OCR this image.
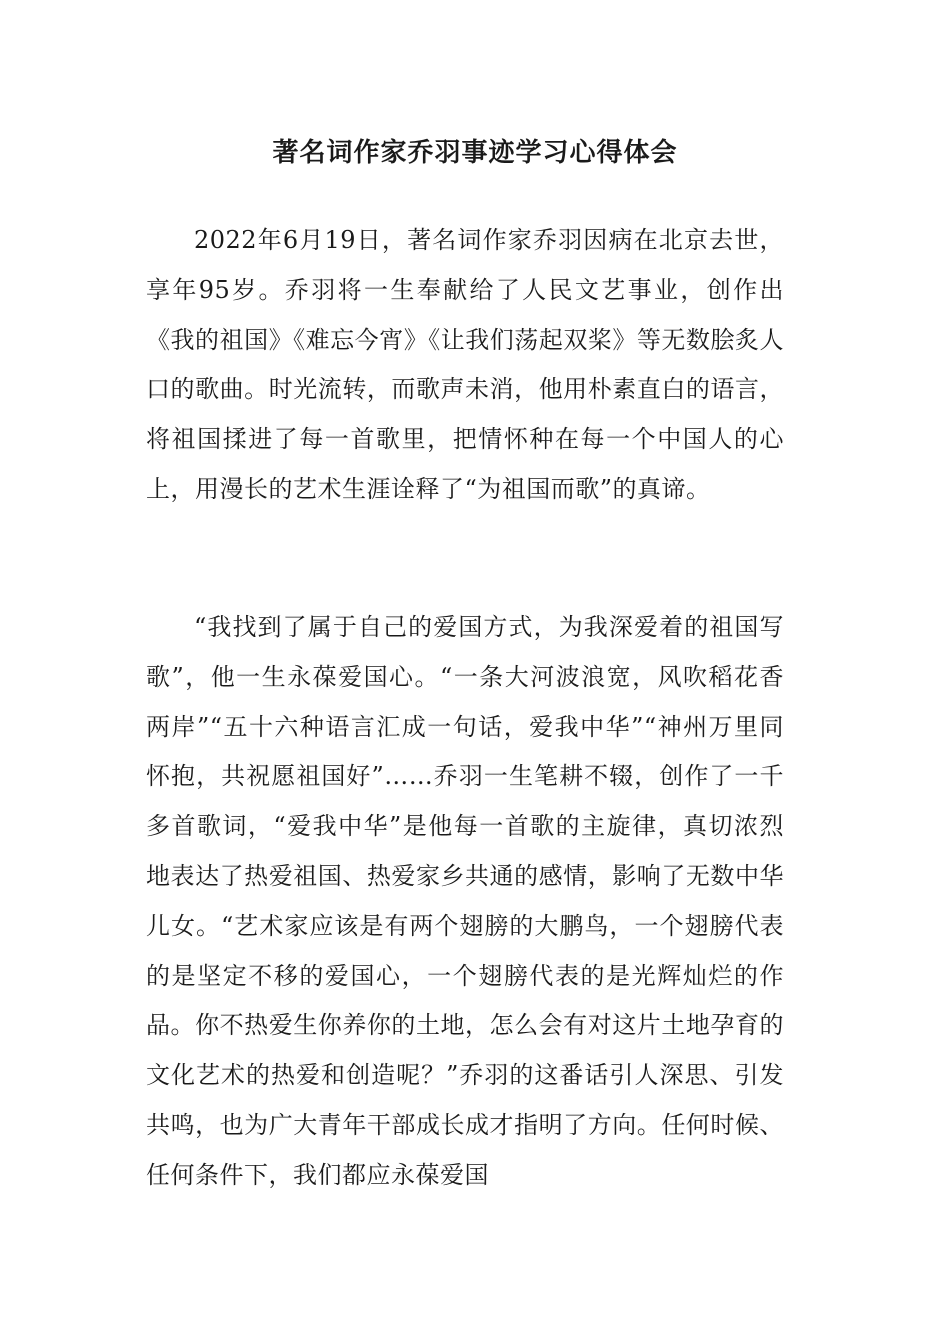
著名词作家乔羽事迹学习心得体会

2022年6月19日，著名词作家乔羽因病在北京去世，享年95岁。乔羽将一生奉献给了人民文艺事业，创作出《我的祖国》《难忘今宵》《让我们荡起双桨》等无数脍炙人口的歌曲。时光流转，而歌声未消，他用朴素直白的语言，将祖国揉进了每一首歌里，把情怀种在每一个中国人的心上，用漫长的艺术生涯诠释了“为祖国而歌”的真谛。

“我找到了属于自己的爱国方式，为我深爱着的祖国写歌”，他一生永葆爱国心。“一条大河波浪宽，风吹稻花香两岸”“五十六种语言汇成一句话，爱我中华”“神州万里同怀抱，共祝愿祖国好”……乔羽一生笔耕不辍，创作了一千多首歌词，“爱我中华”是他每一首歌的主旋律，真切浓烈地表达了热爱祖国、热爱家乡共通的感情，影响了无数中华儿女。“艺术家应该是有两个翅膀的大鹏鸟，一个翅膀代表的是坚定不移的爱国心，一个翅膀代表的是光辉灿烂的作品。你不热爱生你养你的土地，怎么会有对这片土地孕育的文化艺术的热爱和创造呢？”乔羽的这番话引人深思、引发共鸣，也为广大青年干部成长成才指明了方向。任何时候、任何条件下，我们都应永葆爱国
